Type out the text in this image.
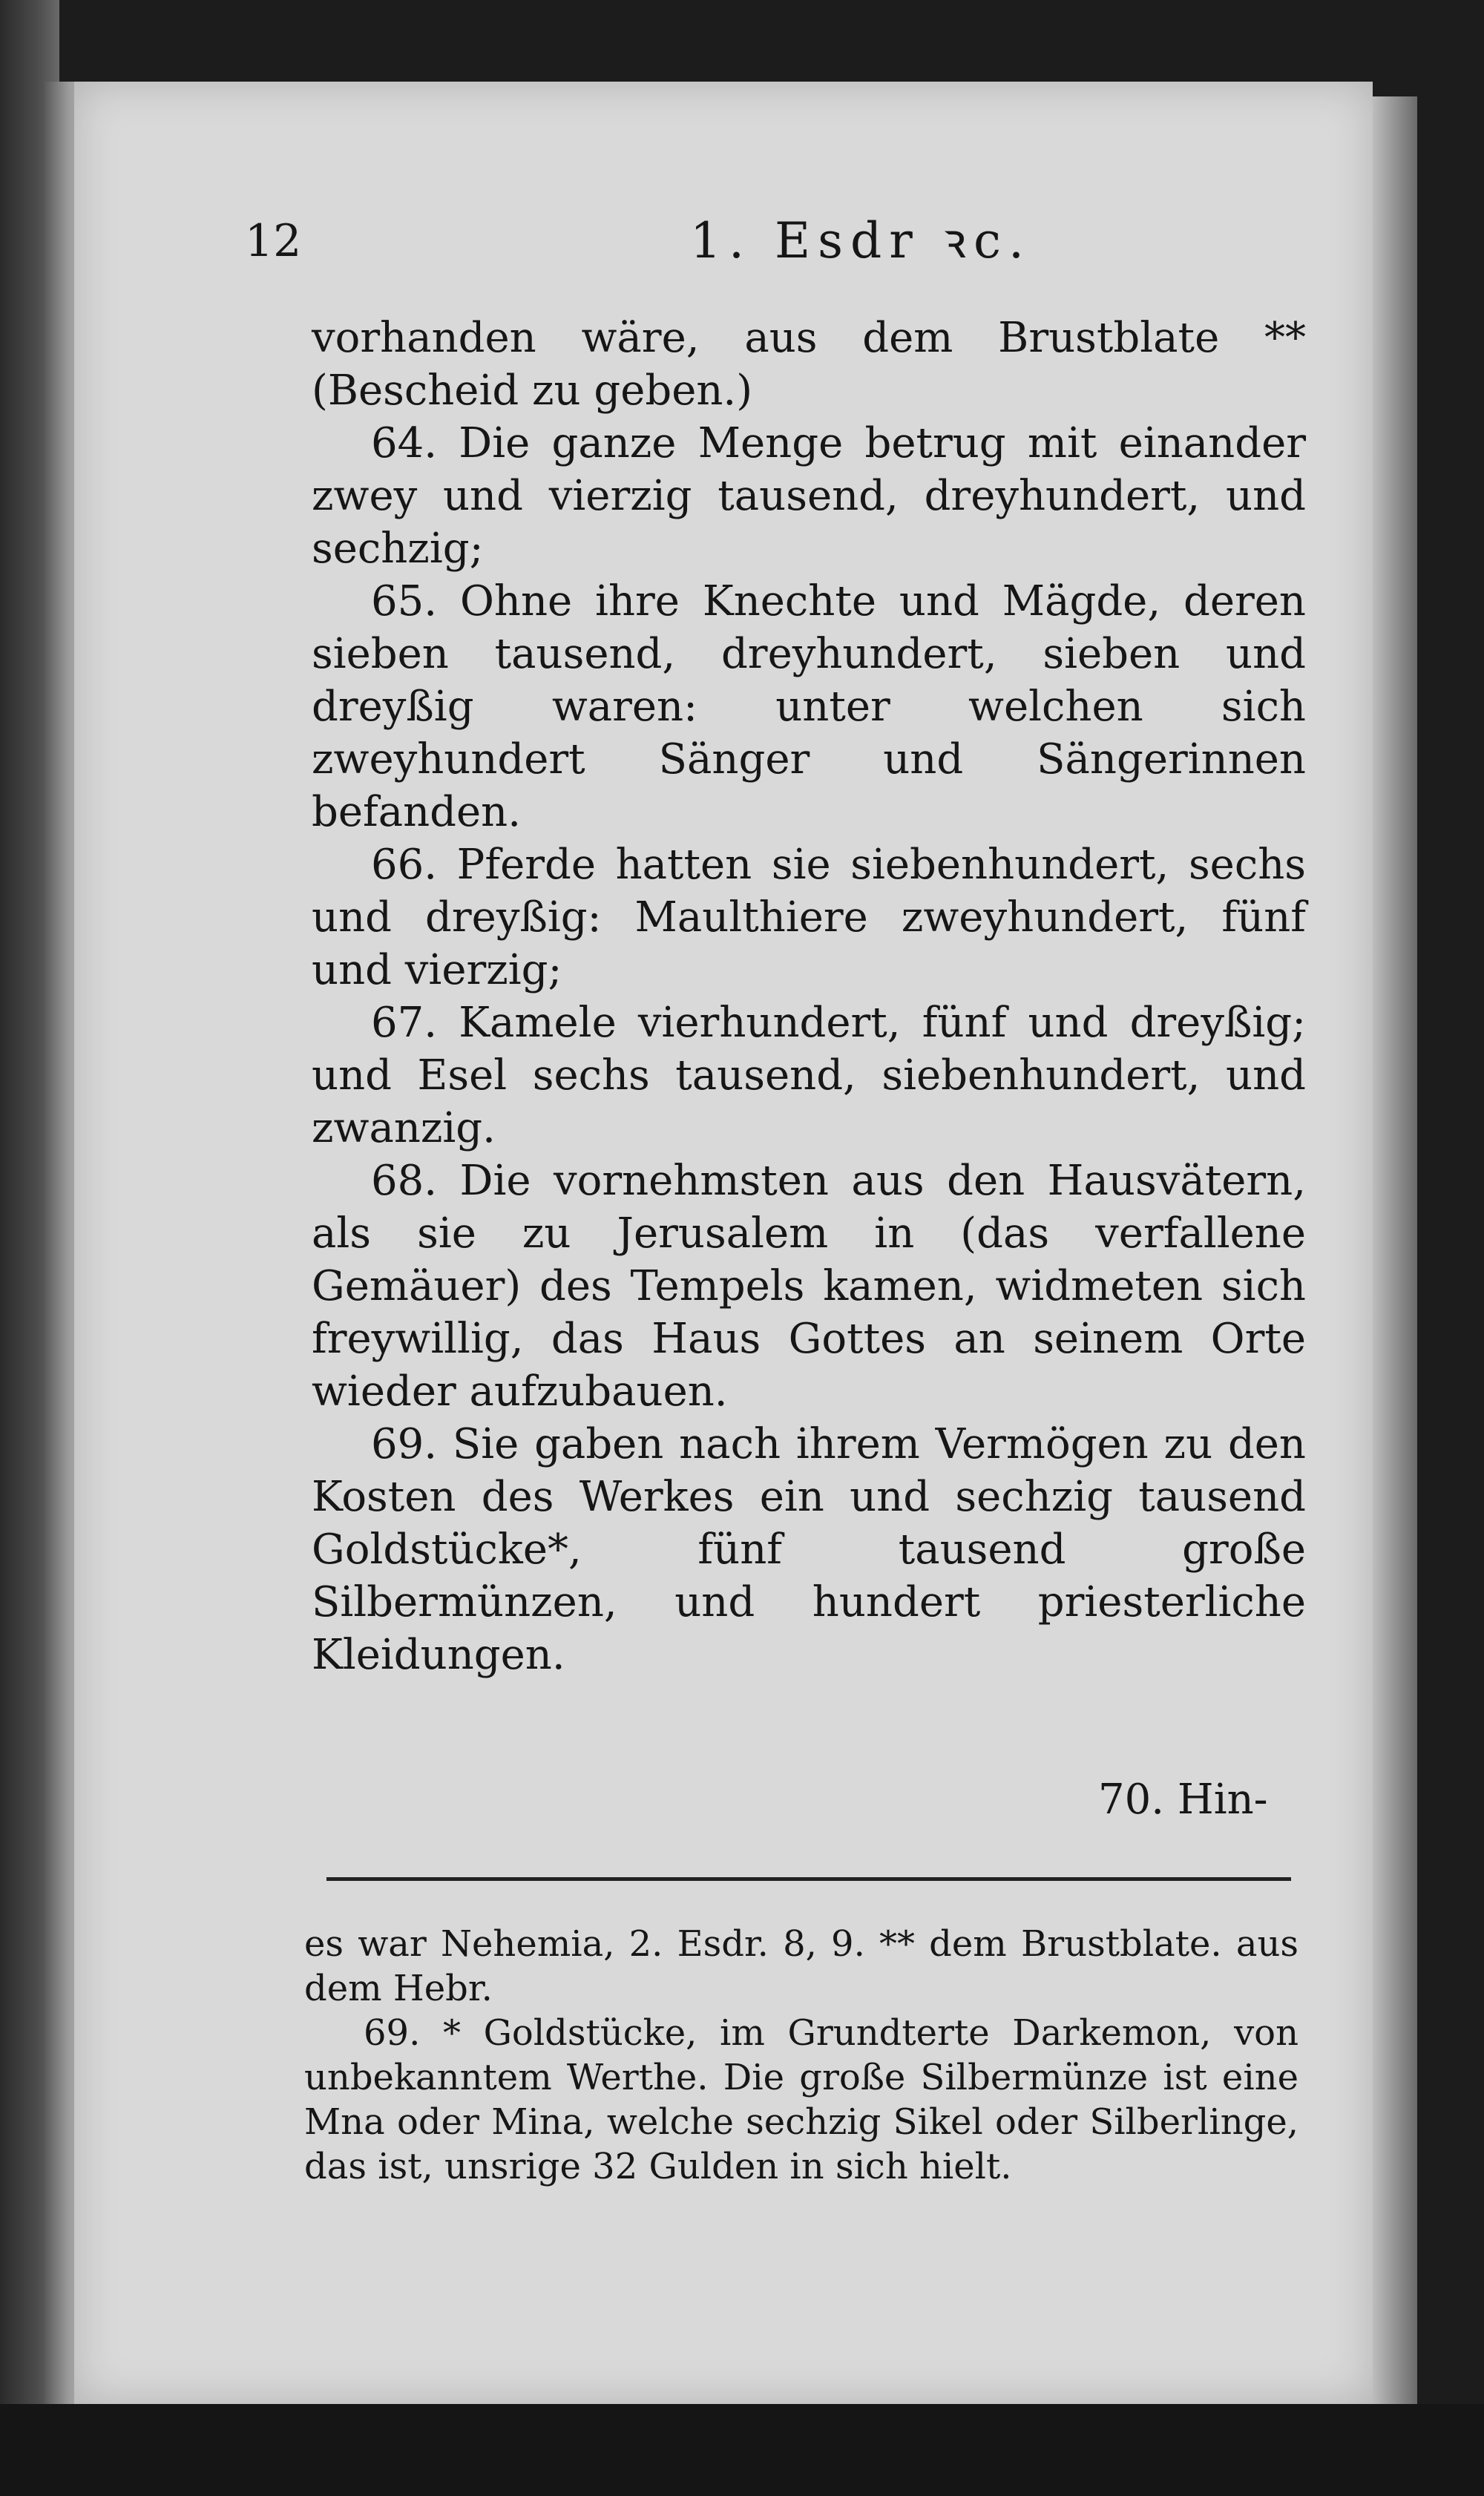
12	1. Esdr ꝛc.

vorhanden wäre, aus dem Brustblate ** (Bescheid zu geben.)

64. Die ganze Menge betrug mit einander zwey und vierzig tausend, dreyhundert, und sechzig;

65. Ohne ihre Knechte und Mägde, deren sieben tausend, dreyhundert, sieben und dreyßig waren: unter welchen sich zweyhundert Sänger und Sängerinnen befanden.

66. Pferde hatten sie siebenhundert, sechs und dreyßig: Maulthiere zweyhundert, fünf und vierzig;

67. Kamele vierhundert, fünf und dreyßig; und Esel sechs tausend, siebenhundert, und zwanzig.

68. Die vornehmsten aus den Hausvätern, als sie zu Jerusalem in (das verfallene Gemäuer) des Tempels kamen, widmeten sich freywillig, das Haus Gottes an seinem Orte wieder aufzubauen.

69. Sie gaben nach ihrem Vermögen zu den Kosten des Werkes ein und sechzig tausend Goldstücke*, fünf tausend große Silbermünzen, und hundert priesterliche Kleidungen.

70. Hin-

es war Nehemia, 2. Esdr. 8, 9. ** dem Brustblate. aus dem Hebr.

69. * Goldstücke, im Grundterte Darkemon, von unbekanntem Werthe. Die große Silbermünze ist eine Mna oder Mina, welche sechzig Sikel oder Silberlinge, das ist, unsrige 32 Gulden in sich hielt.
